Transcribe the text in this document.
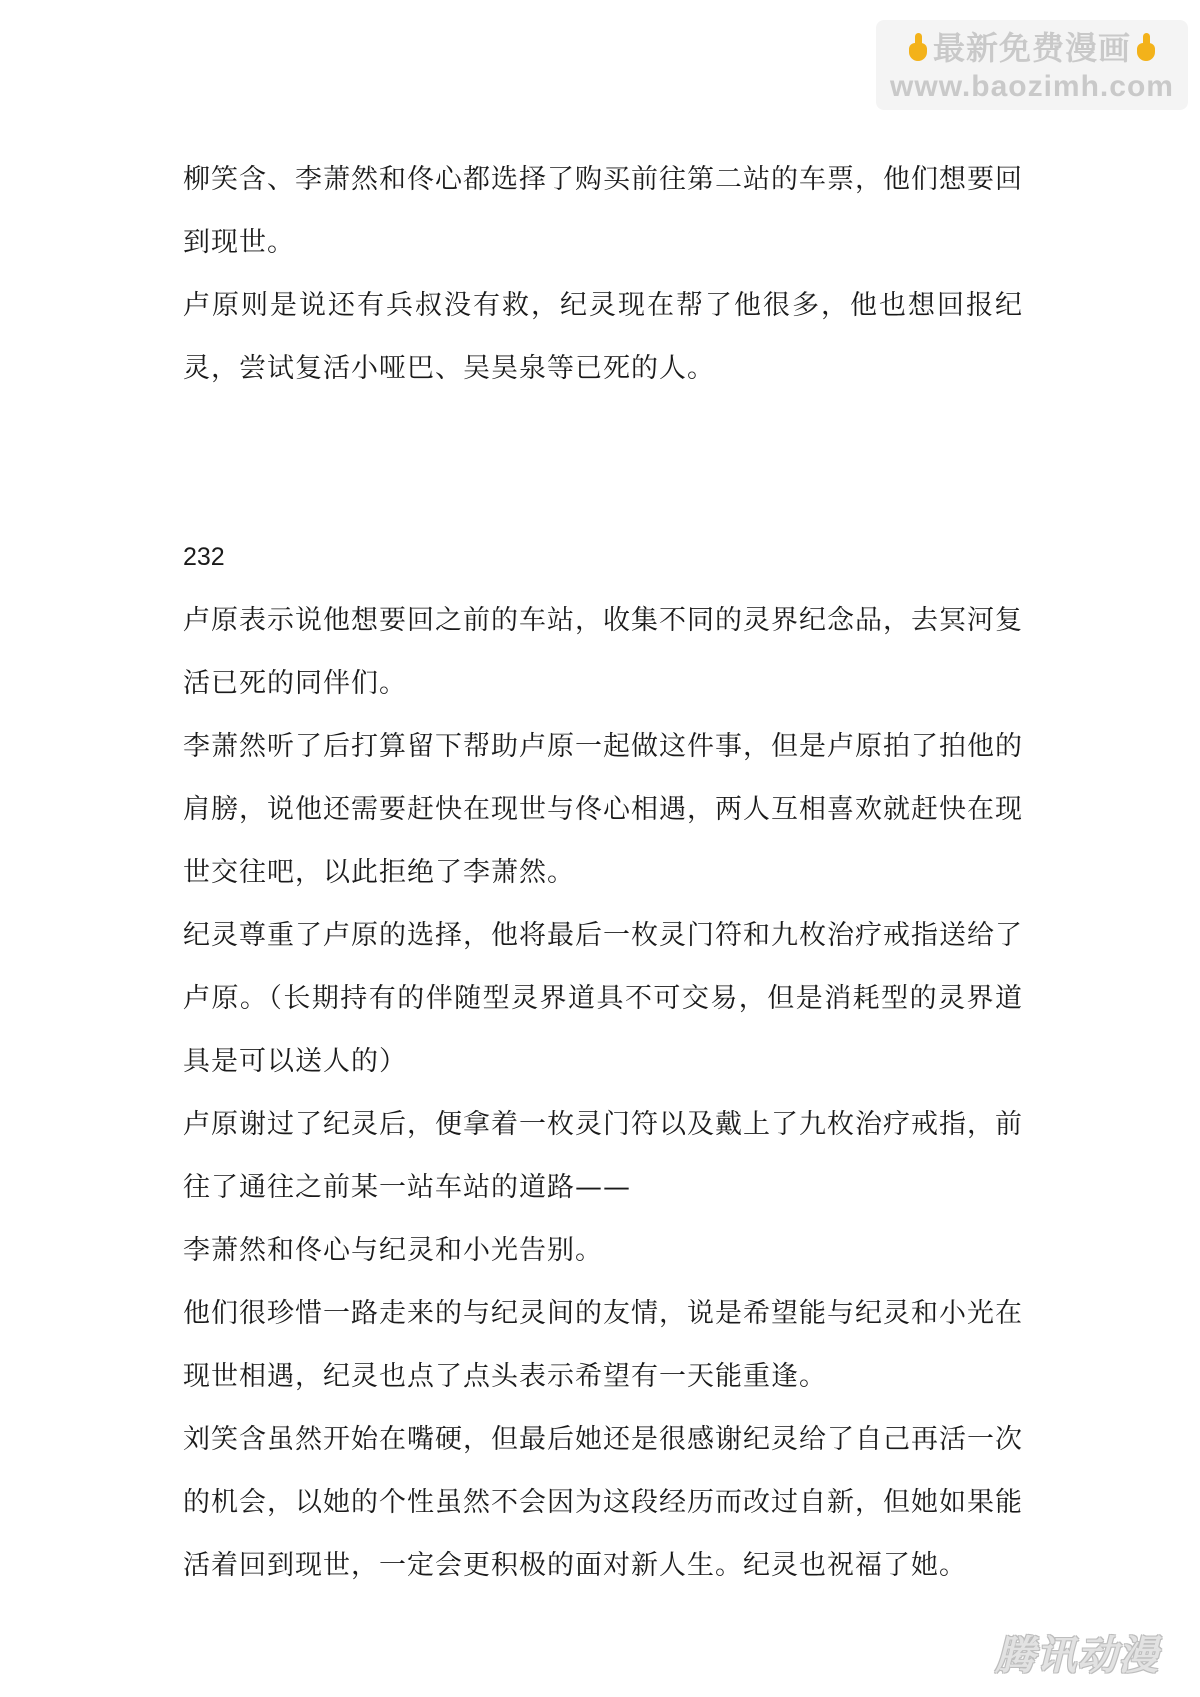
最新免费漫画
www.baozimh.com

柳笑含、李萧然和佟心都选择了购买前往第二站的车票，他们想要回到现世。

卢原则是说还有兵叔没有救，纪灵现在帮了他很多，他也想回报纪灵，尝试复活小哑巴、吴昊泉等已死的人。

232

卢原表示说他想要回之前的车站，收集不同的灵界纪念品，去冥河复活已死的同伴们。

李萧然听了后打算留下帮助卢原一起做这件事，但是卢原拍了拍他的肩膀，说他还需要赶快在现世与佟心相遇，两人互相喜欢就赶快在现世交往吧，以此拒绝了李萧然。

纪灵尊重了卢原的选择，他将最后一枚灵门符和九枚治疗戒指送给了卢原。（长期持有的伴随型灵界道具不可交易，但是消耗型的灵界道具是可以送人的）

卢原谢过了纪灵后，便拿着一枚灵门符以及戴上了九枚治疗戒指，前往了通往之前某一站车站的道路——

李萧然和佟心与纪灵和小光告别。

他们很珍惜一路走来的与纪灵间的友情，说是希望能与纪灵和小光在现世相遇，纪灵也点了点头表示希望有一天能重逢。

刘笑含虽然开始在嘴硬，但最后她还是很感谢纪灵给了自己再活一次的机会，以她的个性虽然不会因为这段经历而改过自新，但她如果能活着回到现世，一定会更积极的面对新人生。纪灵也祝福了她。

腾讯动漫
